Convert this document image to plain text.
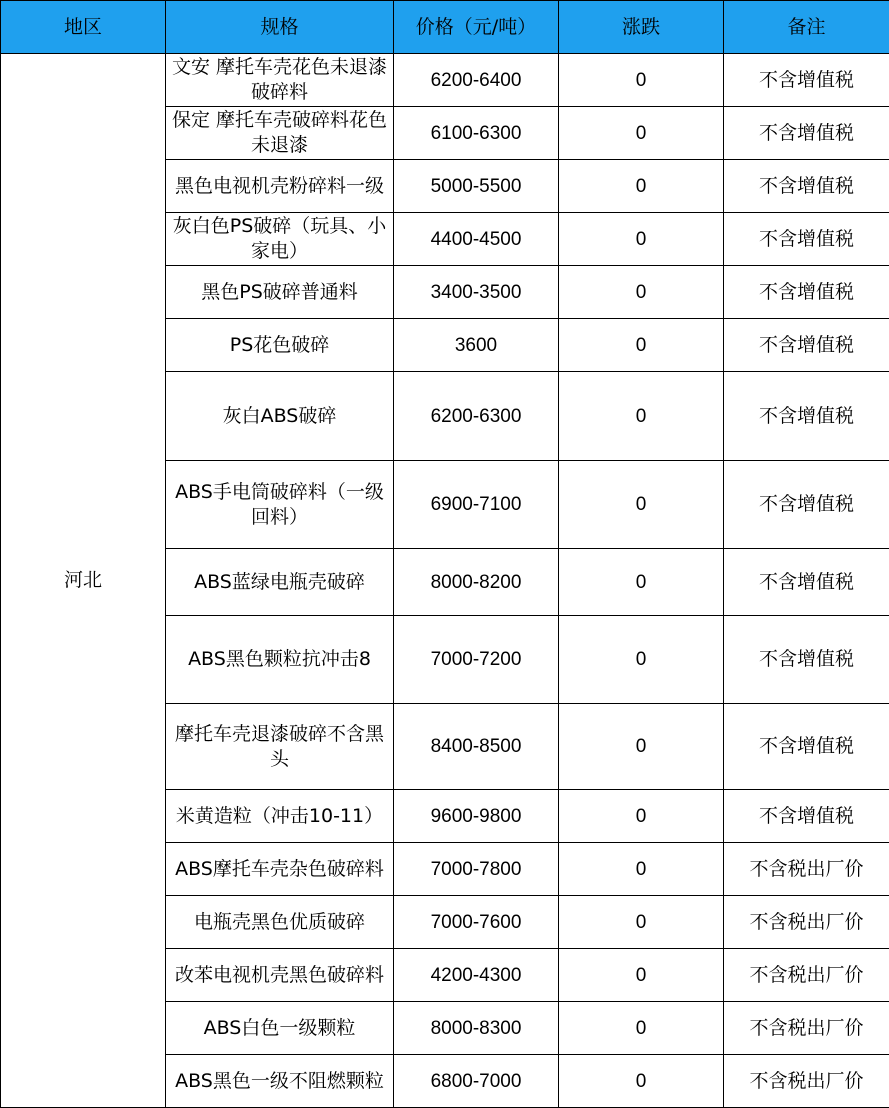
地区	规格	价格（元/吨）	涨跌	备注
河北	文安 摩托车壳花色未退漆破碎料	6200-6400	0	不含增值税
	保定 摩托车壳破碎料花色未退漆	6100-6300	0	不含增值税
	黑色电视机壳粉碎料一级	5000-5500	0	不含增值税
	灰白色PS破碎（玩具、小家电）	4400-4500	0	不含增值税
	黑色PS破碎普通料	3400-3500	0	不含增值税
	PS花色破碎	3600	0	不含增值税
	灰白ABS破碎	6200-6300	0	不含增值税
	ABS手电筒破碎料（一级回料）	6900-7100	0	不含增值税
	ABS蓝绿电瓶壳破碎	8000-8200	0	不含增值税
	ABS黑色颗粒抗冲击8	7000-7200	0	不含增值税
	摩托车壳退漆破碎不含黑头	8400-8500	0	不含增值税
	米黄造粒（冲击10-11）	9600-9800	0	不含增值税
	ABS摩托车壳杂色破碎料	7000-7800	0	不含税出厂价
	电瓶壳黑色优质破碎	7000-7600	0	不含税出厂价
	改苯电视机壳黑色破碎料	4200-4300	0	不含税出厂价
	ABS白色一级颗粒	8000-8300	0	不含税出厂价
	ABS黑色一级不阻燃颗粒	6800-7000	0	不含税出厂价
